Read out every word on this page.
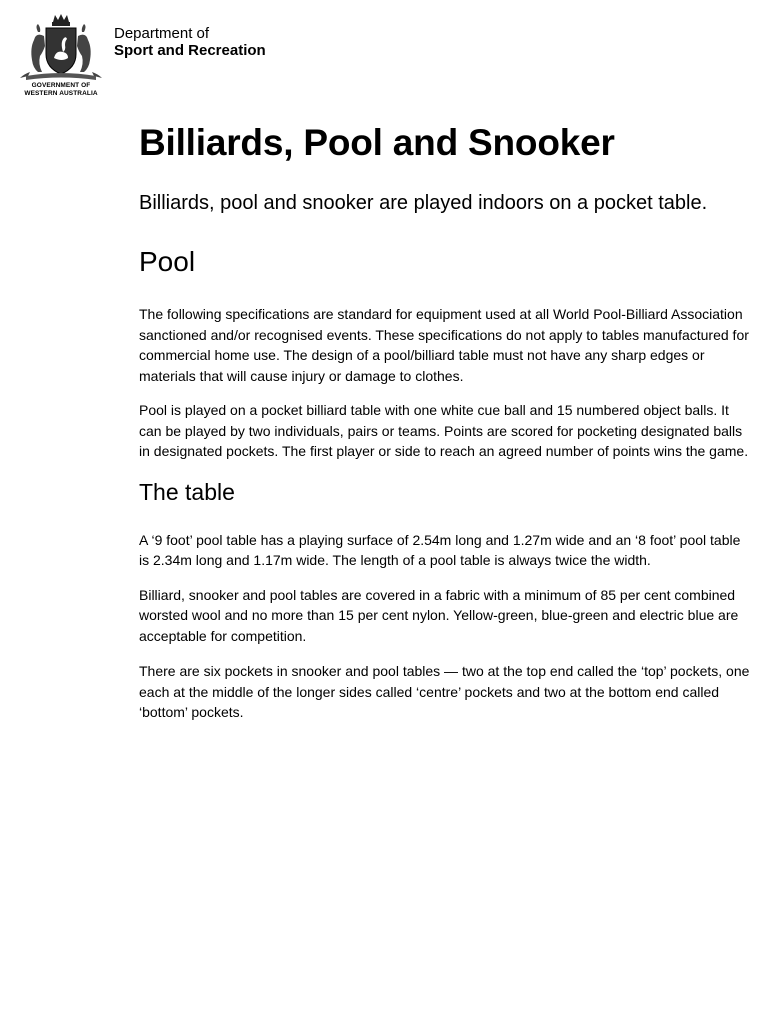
GOVERNMENT OF
WESTERN AUSTRALIA
Department of
Sport and Recreation
Billiards, Pool and Snooker

Billiards, pool and snooker are played indoors on a pocket table.

Pool

The following specifications are standard for equipment used at all World Pool-Billiard Association sanctioned and/or recognised events. These specifications do not apply to tables manufactured for commercial home use. The design of a pool/billiard table must not have any sharp edges or materials that will cause injury or damage to clothes.

Pool is played on a pocket billiard table with one white cue ball and 15 numbered object balls. It can be played by two individuals, pairs or teams. Points are scored for pocketing designated balls in designated pockets. The first player or side to reach an agreed number of points wins the game.

The table

A ‘9 foot’ pool table has a playing surface of 2.54m long and 1.27m wide and an ‘8 foot’ pool table is 2.34m long and 1.17m wide. The length of a pool table is always twice the width.

Billiard, snooker and pool tables are covered in a fabric with a minimum of 85 per cent combined worsted wool and no more than 15 per cent nylon. Yellow-green, blue-green and electric blue are acceptable for competition.

There are six pockets in snooker and pool tables — two at the top end called the ‘top’ pockets, one each at the middle of the longer sides called ‘centre’ pockets and two at the bottom end called ‘bottom’ pockets.
